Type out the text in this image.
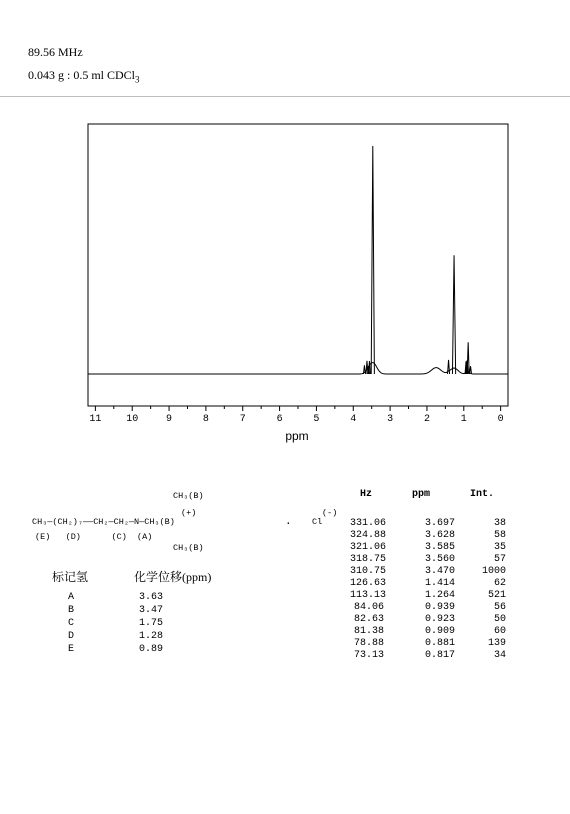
89.56 MHz
0.043 g : 0.5 ml CDCl$_3$
11 10	9	8	7	6	5	4	3	2	1	0
ppm
CH₃(B)
(+)
CH₃—(CH₂)₇——CH₂—CH₂—N—CH₃(B)
(E)   (D)      (C)  (A)
CH₃(B)
. Cl
(-)
标记氢	化学位移(ppm)
A	3.63
B	3.47
C	1.75
D	1.28
E	0.89
Hz	ppm	Int.
331.06	3.697	38
324.88	3.628	58
321.06	3.585	35
318.75	3.560	57
310.75	3.470	1000
126.63	1.414	62
113.13	1.264	521
84.06	0.939	56
82.63	0.923	50
81.38	0.909	60
78.88	0.881	139
73.13	0.817	34
